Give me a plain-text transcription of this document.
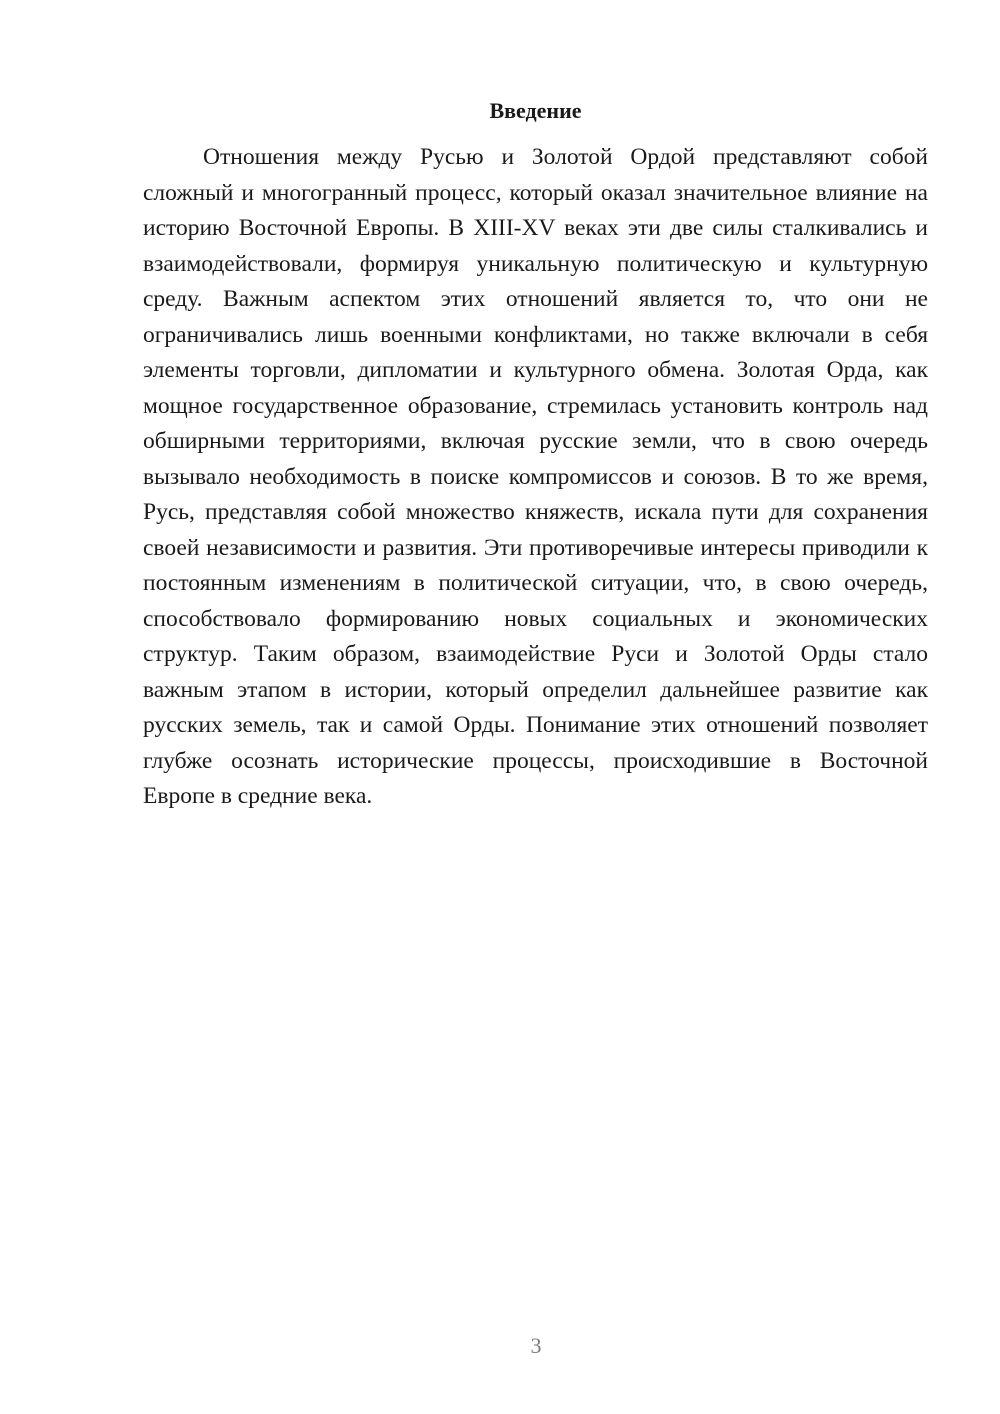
Введение

Отношения между Русью и Золотой Ордой представляют собой сложный и многогранный процесс, который оказал значительное влияние на историю Восточной Европы. В XIII-XV веках эти две силы сталкивались и взаимодействовали, формируя уникальную политическую и культурную среду. Важным аспектом этих отношений является то, что они не ограничивались лишь военными конфликтами, но также включали в себя элементы торговли, дипломатии и культурного обмена. Золотая Орда, как мощное государственное образование, стремилась установить контроль над обширными территориями, включая русские земли, что в свою очередь вызывало необходимость в поиске компромиссов и союзов. В то же время, Русь, представляя собой множество княжеств, искала пути для сохранения своей независимости и развития. Эти противоречивые интересы приводили к постоянным изменениям в политической ситуации, что, в свою очередь, способствовало формированию новых социальных и экономических структур. Таким образом, взаимодействие Руси и Золотой Орды стало важным этапом в истории, который определил дальнейшее развитие как русских земель, так и самой Орды. Понимание этих отношений позволяет глубже осознать исторические процессы, происходившие в Восточной Европе в средние века.

3
